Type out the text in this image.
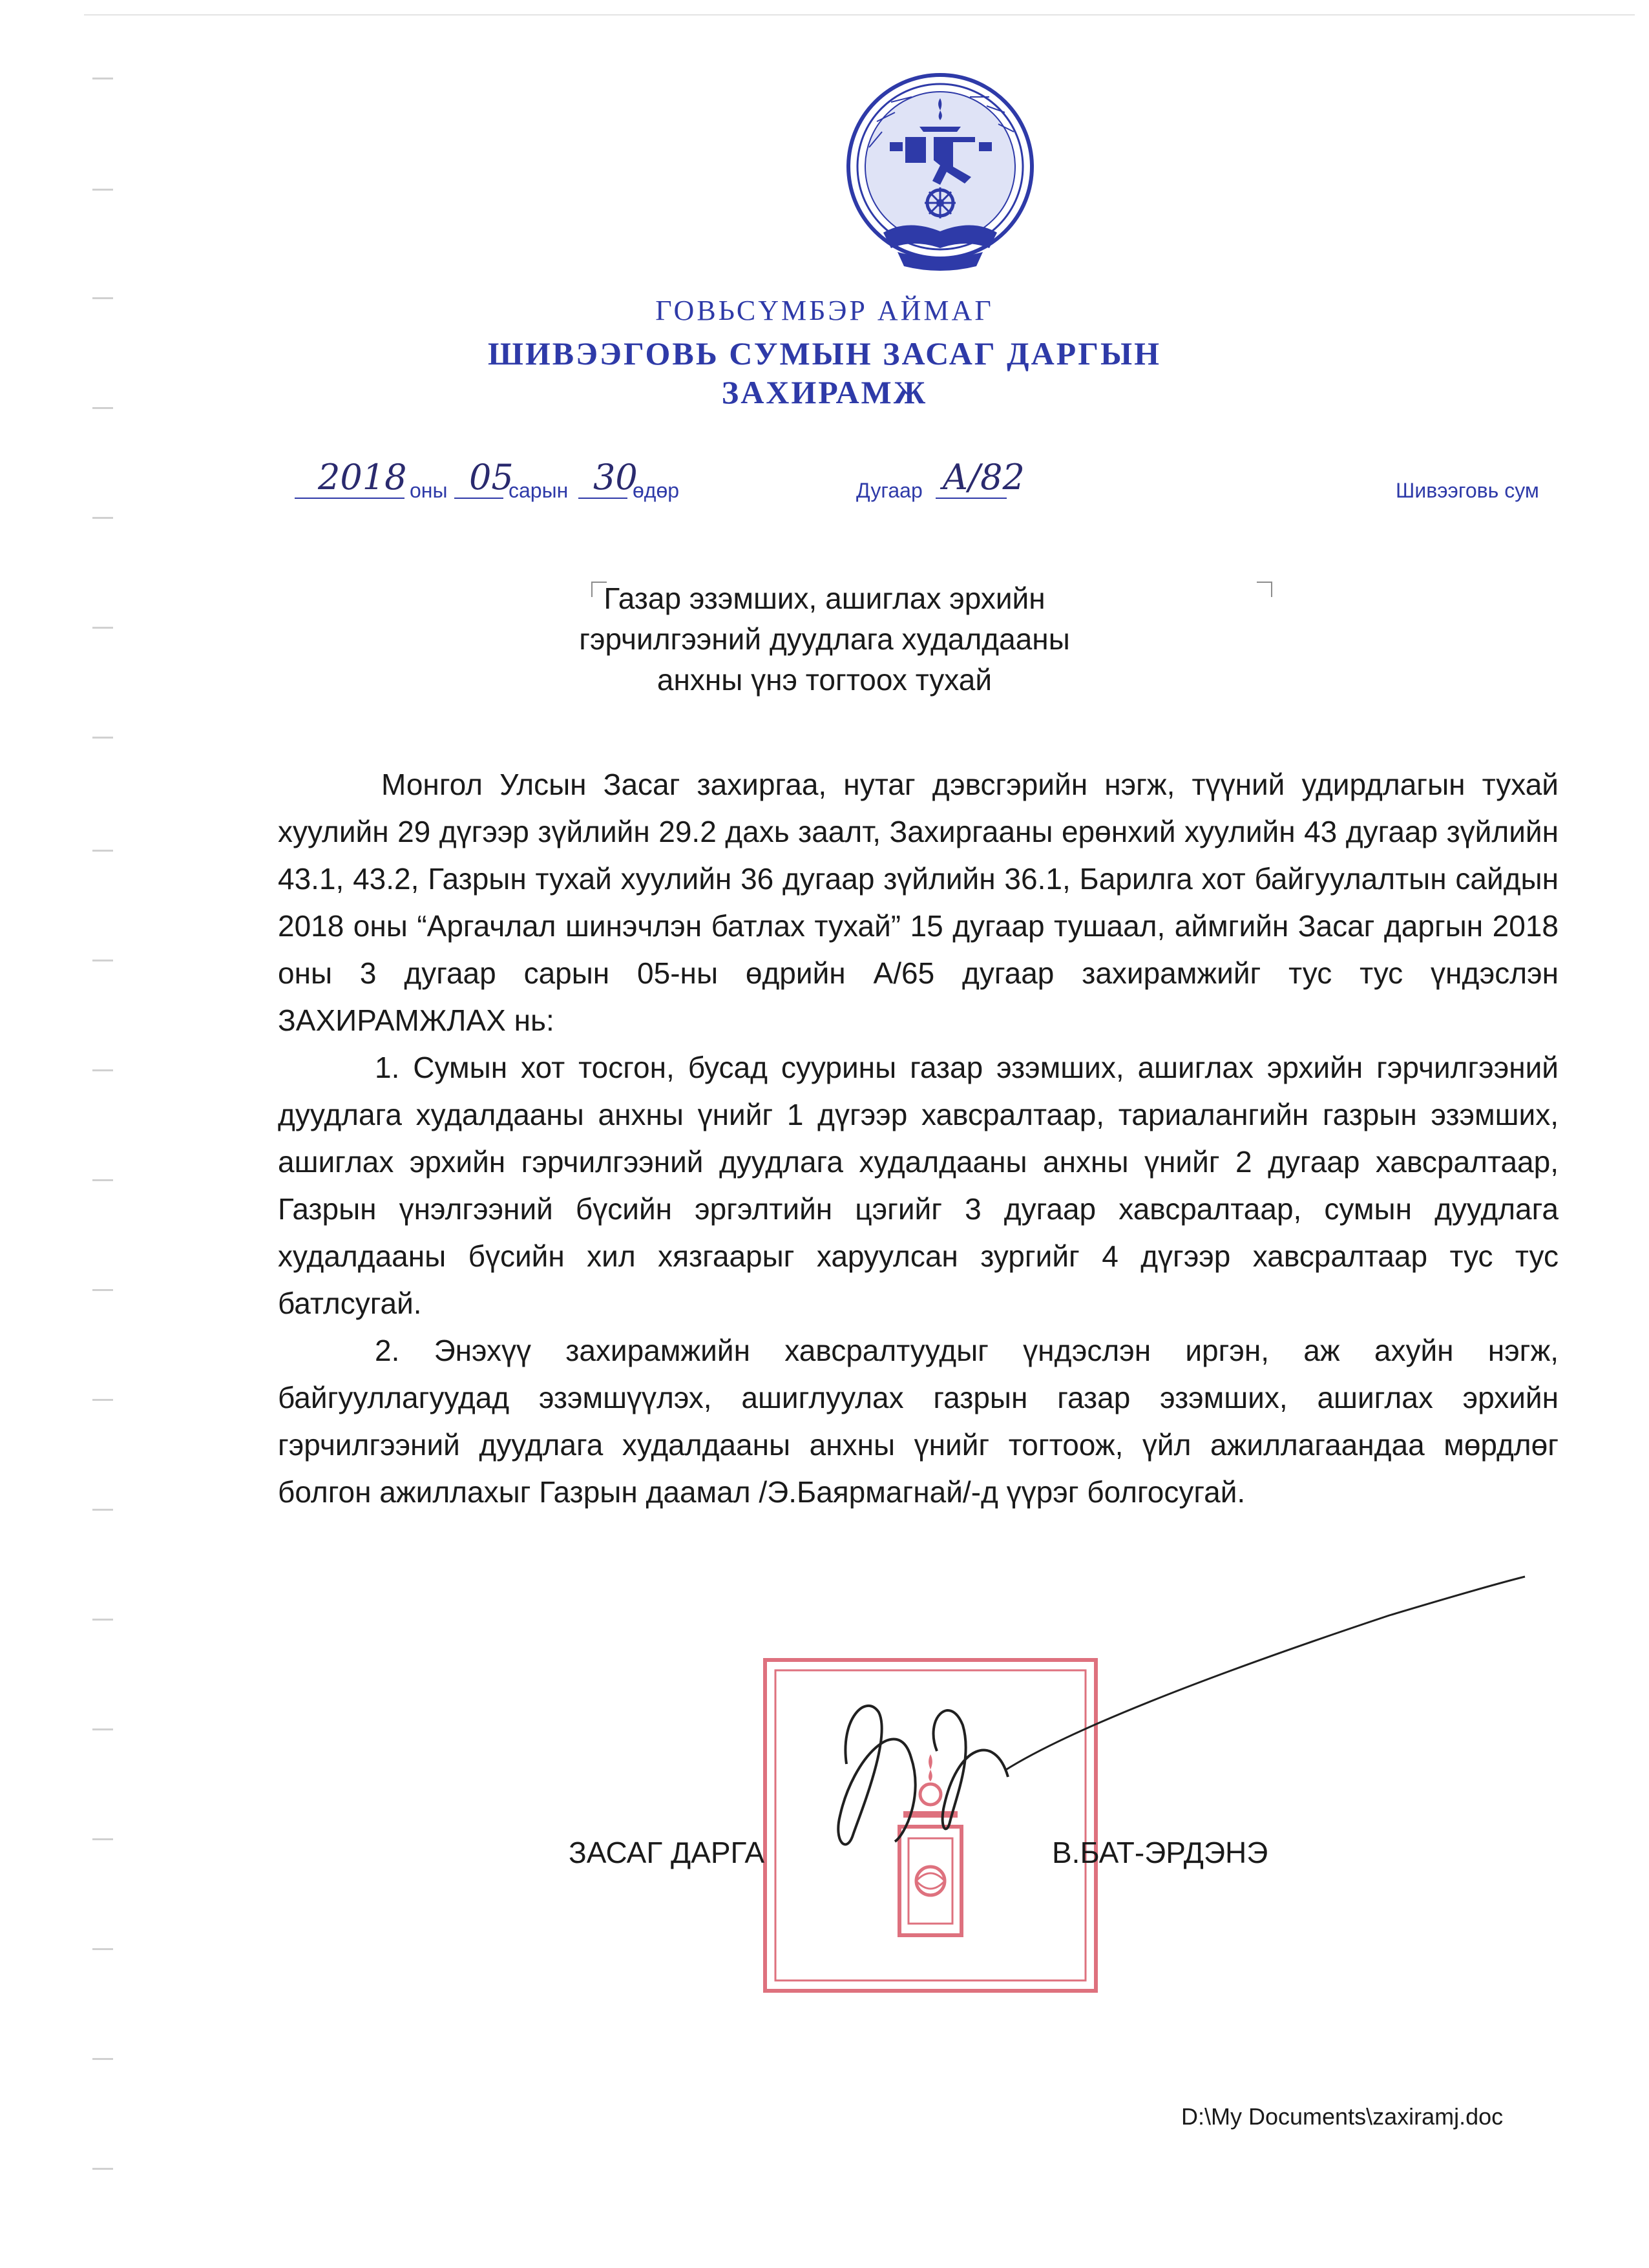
ГОВЬСҮМБЭР АЙМАГ
ШИВЭЭГОВЬ СУМЫН ЗАСАГ ДАРГЫН
ЗАХИРАМЖ
2018 оны 05
сарын 30
өдөр	Дугаар А/82	Шивээговь сум
Газар эзэмших, ашиглах эрхийн
гэрчилгээний дуудлага худалдааны
анхны үнэ тогтоох тухай

Монгол Улсын Засаг захиргаа, нутаг дэвсгэрийн нэгж, түүний удирдлагын тухай хуулийн 29 дүгээр зүйлийн 29.2 дахь заалт, Захиргааны ерөнхий хуулийн 43 дугаар зүйлийн 43.1, 43.2, Газрын тухай хуулийн 36 дугаар зүйлийн 36.1, Барилга хот байгуулалтын сайдын 2018 оны “Аргачлал шинэчлэн батлах тухай” 15 дугаар тушаал, аймгийн Засаг даргын 2018 оны 3 дугаар сарын 05-ны өдрийн А/65 дугаар захирамжийг тус тус үндэслэн ЗАХИРАМЖЛАХ нь:

1. Сумын хот тосгон, бусад суурины газар эзэмших, ашиглах эрхийн гэрчилгээний дуудлага худалдааны анхны үнийг 1 дүгээр хавсралтаар, тариалангийн газрын эзэмших, ашиглах эрхийн гэрчилгээний дуудлага худалдааны анхны үнийг 2 дугаар хавсралтаар, Газрын үнэлгээний бүсийн эргэлтийн цэгийг 3 дугаар хавсралтаар, сумын дуудлага худалдааны бүсийн хил хязгаарыг харуулсан зургийг 4 дүгээр хавсралтаар тус тус батлсугай.

2. Энэхүү захирамжийн хавсралтуудыг үндэслэн иргэн, аж ахуйн нэгж, байгууллагуудад эзэмшүүлэх, ашиглуулах газрын газар эзэмших, ашиглах эрхийн гэрчилгээний дуудлага худалдааны анхны үнийг тогтоож, үйл ажиллагаандаа мөрдлөг болгон ажиллахыг Газрын даамал /Э.Баярмагнай/-д үүрэг болгосугай.

ЗАСАГ ДАРГА	В.БАТ-ЭРДЭНЭ
D:\My Documents\zaxiramj.doc
